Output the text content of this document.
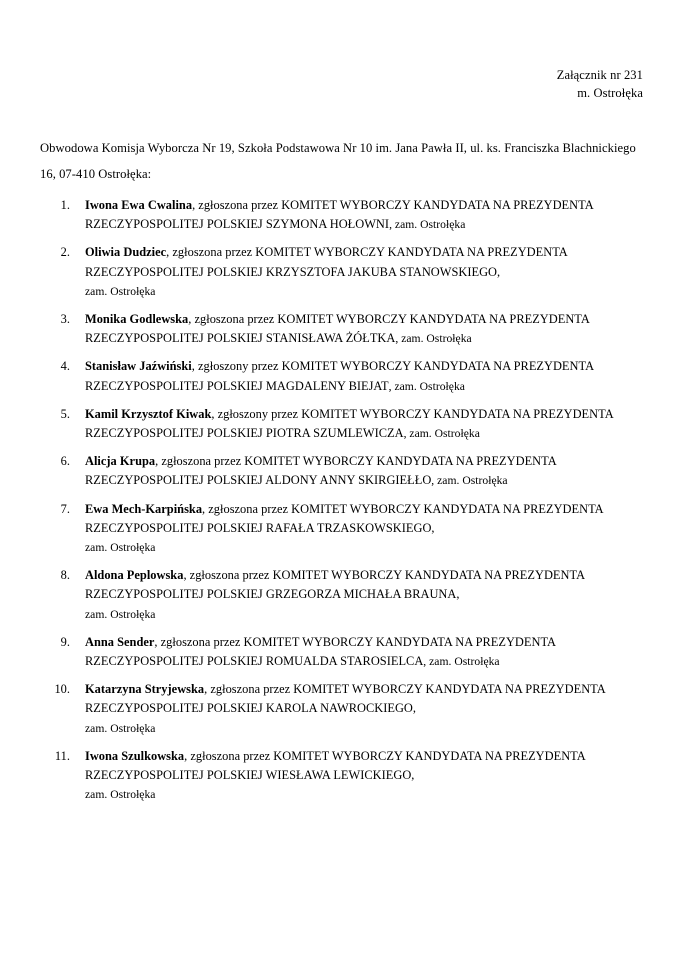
Załącznik nr 231
m. Ostrołęka

Obwodowa Komisja Wyborcza Nr 19, Szkoła Podstawowa Nr 10 im. Jana Pawła II, ul. ks. Franciszka Blachnickiego 16, 07-410 Ostrołęka:

1. Iwona Ewa Cwalina, zgłoszona przez KOMITET WYBORCZY KANDYDATA NA PREZYDENTA RZECZYPOSPOLITEJ POLSKIEJ SZYMONA HOŁOWNI, zam. Ostrołęka
2. Oliwia Dudziec, zgłoszona przez KOMITET WYBORCZY KANDYDATA NA PREZYDENTA RZECZYPOSPOLITEJ POLSKIEJ KRZYSZTOFA JAKUBA STANOWSKIEGO,
zam. Ostrołęka
3. Monika Godlewska, zgłoszona przez KOMITET WYBORCZY KANDYDATA NA PREZYDENTA RZECZYPOSPOLITEJ POLSKIEJ STANISŁAWA ŻÓŁTKA, zam. Ostrołęka
4. Stanisław Jaźwiński, zgłoszony przez KOMITET WYBORCZY KANDYDATA NA PREZYDENTA RZECZYPOSPOLITEJ POLSKIEJ MAGDALENY BIEJAT, zam. Ostrołęka
5. Kamil Krzysztof Kiwak, zgłoszony przez KOMITET WYBORCZY KANDYDATA NA PREZYDENTA RZECZYPOSPOLITEJ POLSKIEJ PIOTRA SZUMLEWICZA, zam. Ostrołęka
6. Alicja Krupa, zgłoszona przez KOMITET WYBORCZY KANDYDATA NA PREZYDENTA RZECZYPOSPOLITEJ POLSKIEJ ALDONY ANNY SKIRGIEŁŁO, zam. Ostrołęka
7. Ewa Mech-Karpińska, zgłoszona przez KOMITET WYBORCZY KANDYDATA NA PREZYDENTA RZECZYPOSPOLITEJ POLSKIEJ RAFAŁA TRZASKOWSKIEGO,
zam. Ostrołęka
8. Aldona Peplowska, zgłoszona przez KOMITET WYBORCZY KANDYDATA NA PREZYDENTA RZECZYPOSPOLITEJ POLSKIEJ GRZEGORZA MICHAŁA BRAUNA,
zam. Ostrołęka
9. Anna Sender, zgłoszona przez KOMITET WYBORCZY KANDYDATA NA PREZYDENTA RZECZYPOSPOLITEJ POLSKIEJ ROMUALDA STAROSIELCA, zam. Ostrołęka
10. Katarzyna Stryjewska, zgłoszona przez KOMITET WYBORCZY KANDYDATA NA PREZYDENTA RZECZYPOSPOLITEJ POLSKIEJ KAROLA NAWROCKIEGO,
zam. Ostrołęka
11. Iwona Szulkowska, zgłoszona przez KOMITET WYBORCZY KANDYDATA NA PREZYDENTA RZECZYPOSPOLITEJ POLSKIEJ WIESŁAWA LEWICKIEGO,
zam. Ostrołęka
